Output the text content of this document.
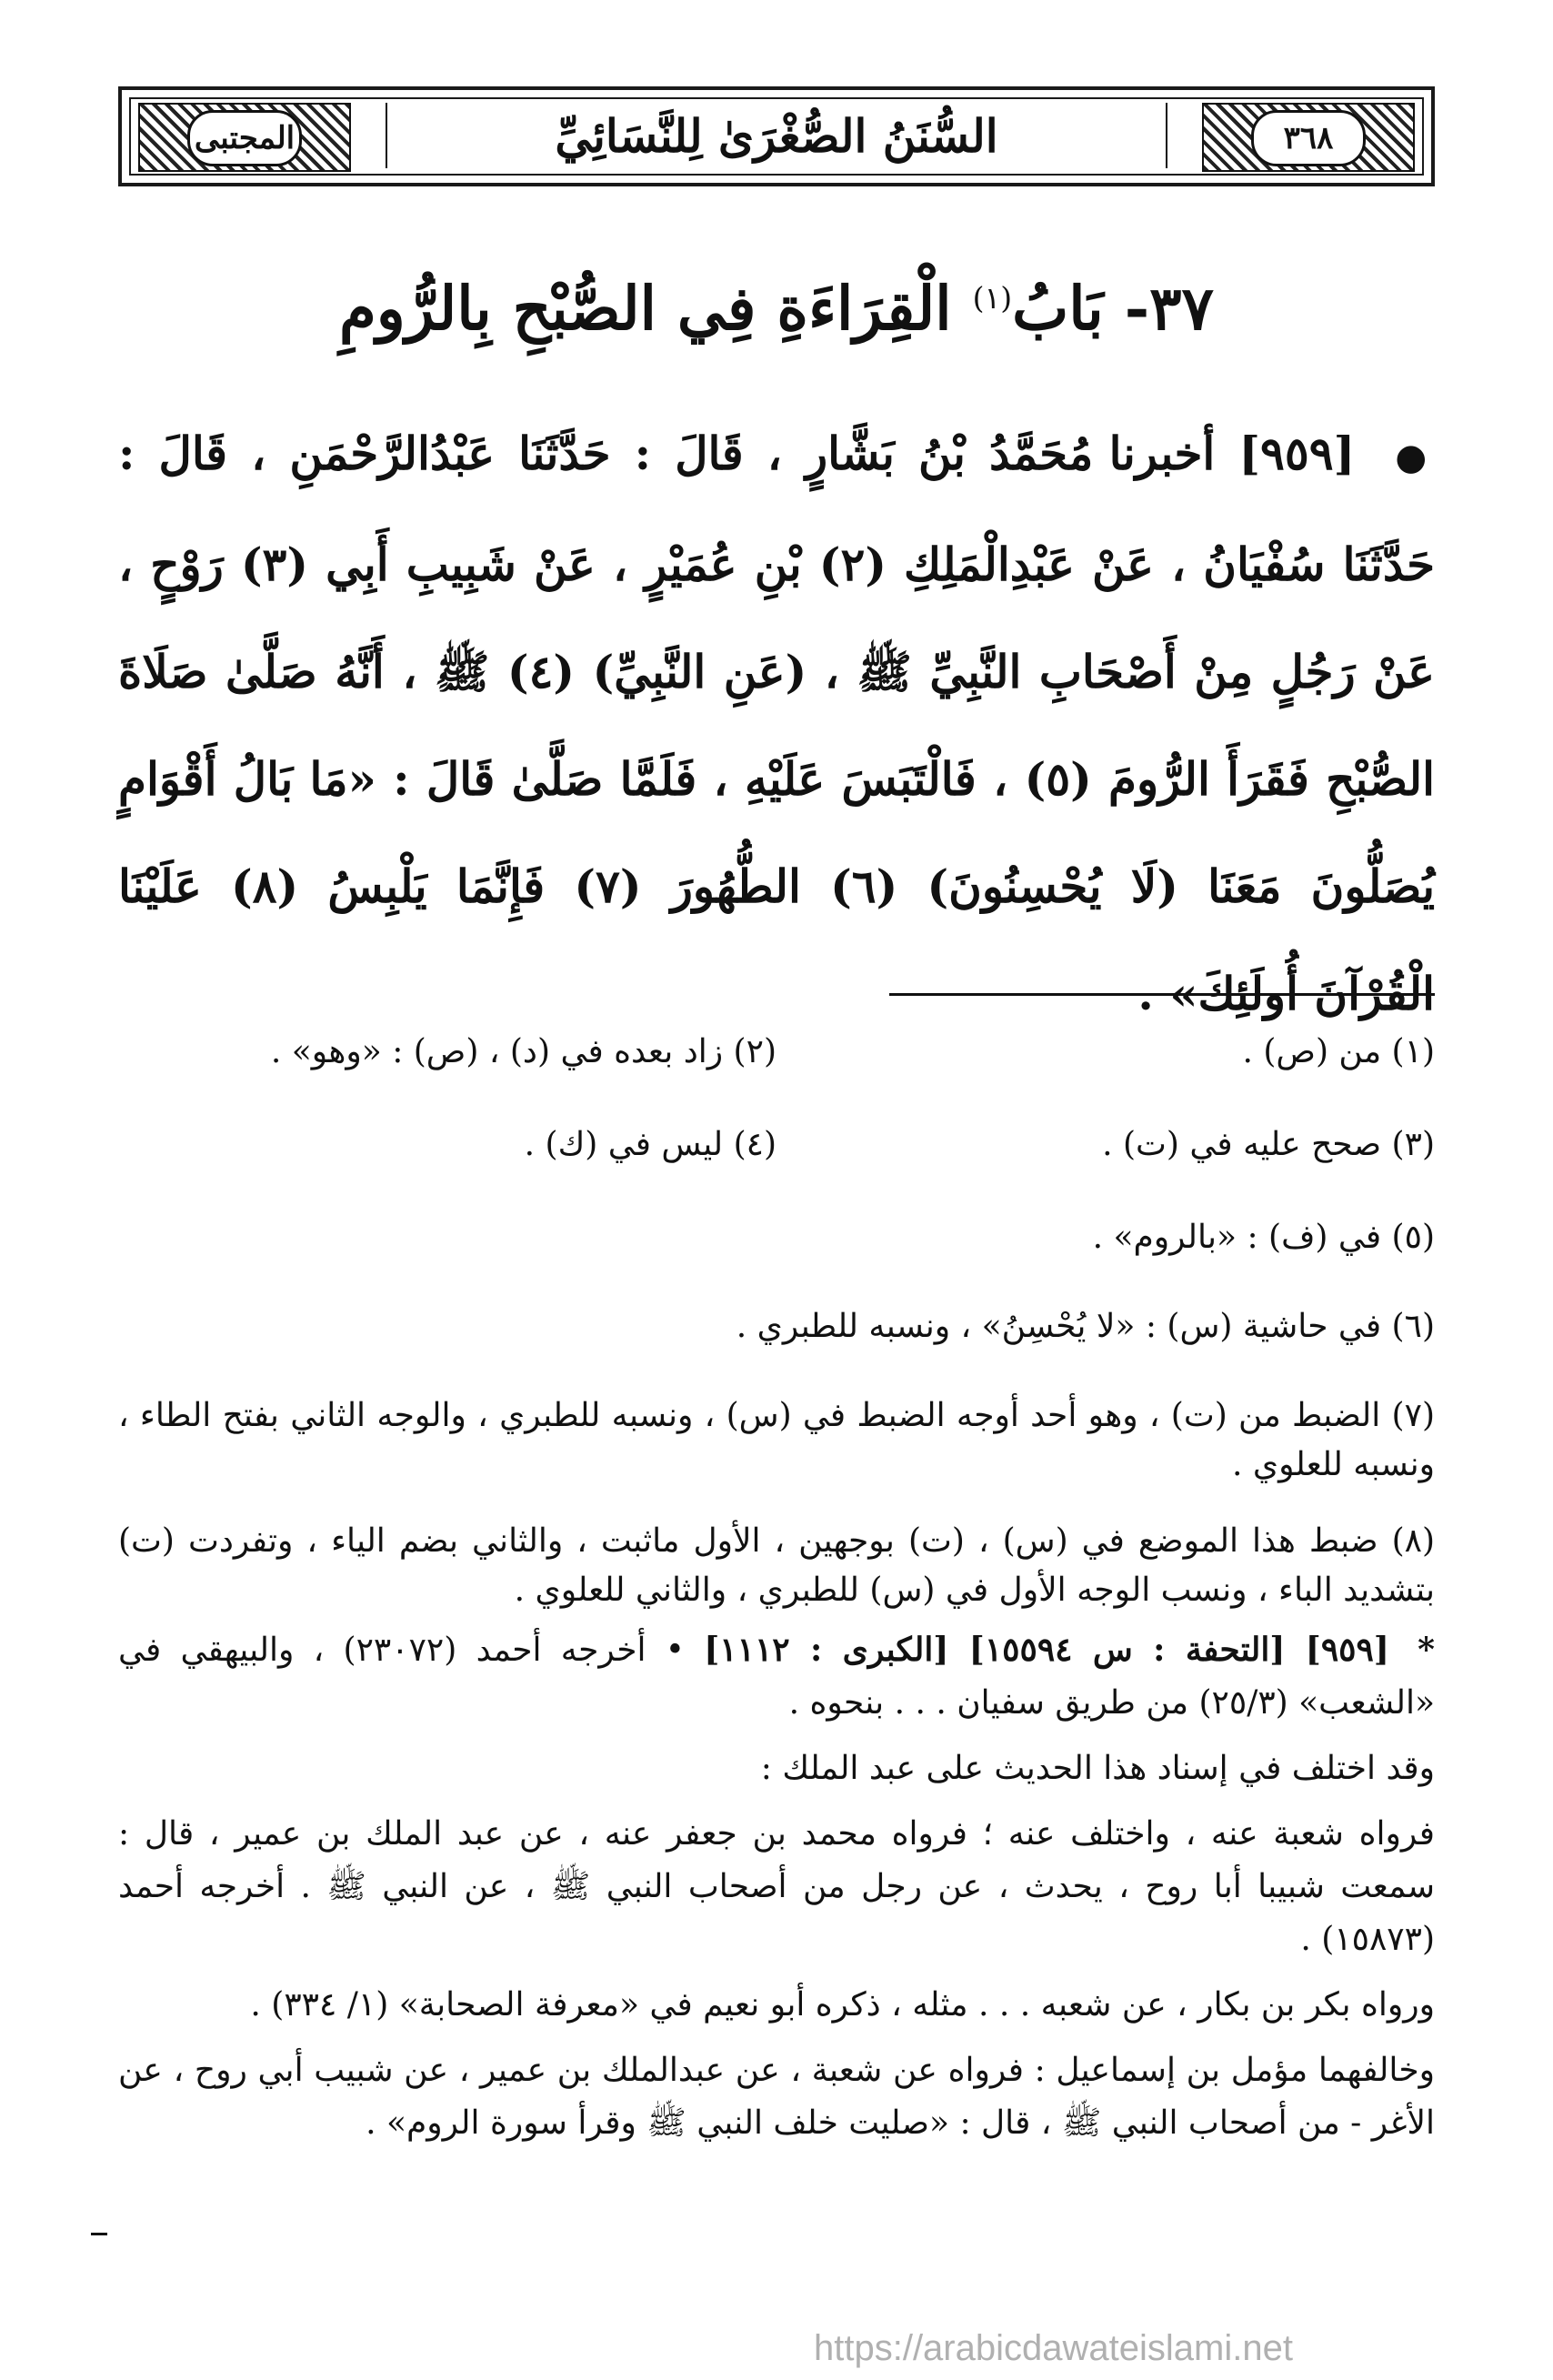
المجتبى	السُّنَنُ الصُّغْرَىٰ لِلنَّسَائِيِّ	٣٦٨
٣٧- بَابُ$^{(١)}$ الْقِرَاءَةِ فِي الصُّبْحِ بِالرُّومِ
● [٩٥٩] أخبرنا مُحَمَّدُ بْنُ بَشَّارٍ ، قَالَ : حَدَّثَنَا عَبْدُالرَّحْمَنِ ، قَالَ : حَدَّثَنَا سُفْيَانُ ، عَنْ عَبْدِالْمَلِكِ (٢) بْنِ عُمَيْرٍ ، عَنْ شَبِيبِ أَبِي (٣) رَوْحٍ ، عَنْ رَجُلٍ مِنْ أَصْحَابِ النَّبِيِّ ﷺ ، (عَنِ النَّبِيِّ) (٤) ﷺ ، أَنَّهُ صَلَّىٰ صَلَاةَ الصُّبْحِ فَقَرَأَ الرُّومَ (٥) ، فَالْتَبَسَ عَلَيْهِ ، فَلَمَّا صَلَّىٰ قَالَ : «مَا بَالُ أَقْوَامٍ يُصَلُّونَ مَعَنَا (لَا يُحْسِنُونَ) (٦) الطُّهُورَ (٧) فَإِنَّمَا يَلْبِسُ (٨) عَلَيْنَا الْقُرْآنَ أُولَئِكَ» .
(١) من (ص) .
(٢) زاد بعده في (د) ، (ص) : «وهو» .
(٣) صحح عليه في (ت) .
(٤) ليس في (ك) .
(٥) في (ف) : «بالروم» .
(٦) في حاشية (س) : «لا يُحْسِنُ» ، ونسبه للطبري .
(٧) الضبط من (ت) ، وهو أحد أوجه الضبط في (س) ، ونسبه للطبري ، والوجه الثاني بفتح الطاء ، ونسبه للعلوي .
(٨) ضبط هذا الموضع في (س) ، (ت) بوجهين ، الأول ماثبت ، والثاني بضم الياء ، وتفردت (ت) بتشديد الباء ، ونسب الوجه الأول في (س) للطبري ، والثاني للعلوي .

* [٩٥٩] [التحفة : س ١٥٥٩٤] [الكبرى : ١١١٢] • أخرجه أحمد (٢٣٠٧٢) ، والبيهقي في «الشعب» (٢٥/٣) من طريق سفيان . . . بنحوه .

وقد اختلف في إسناد هذا الحديث على عبد الملك :

فرواه شعبة عنه ، واختلف عنه ؛ فرواه محمد بن جعفر عنه ، عن عبد الملك بن عمير ، قال : سمعت شبيبا أبا روح ، يحدث ، عن رجل من أصحاب النبي ﷺ ، عن النبي ﷺ . أخرجه أحمد (١٥٨٧٣) .

ورواه بكر بن بكار ، عن شعبه . . . مثله ، ذكره أبو نعيم في «معرفة الصحابة» (١/ ٣٣٤) .

وخالفهما مؤمل بن إسماعيل : فرواه عن شعبة ، عن عبدالملك بن عمير ، عن شبيب أبي روح ، عن الأغر - من أصحاب النبي ﷺ ، قال : «صليت خلف النبي ﷺ وقرأ سورة الروم» .

https://arabicdawateislami.net
